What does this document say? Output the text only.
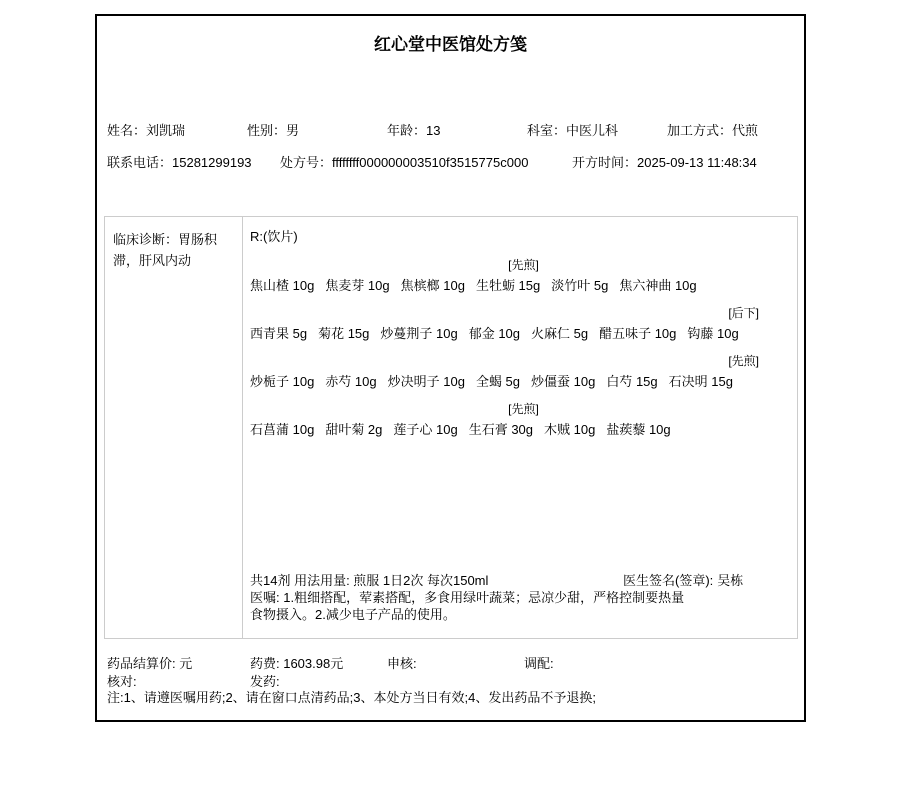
红心堂中医馆处方笺
姓名：刘凯瑞	性别：男	年龄：13	科室：中医儿科	加工方式：代煎
联系电话：15281299193 处方号：ffffffff000000003510f3515775c000	开方时间：2025-09-13 11:48:34
临床诊断：胃肠积滞，肝风内动
R:(饮片)
[先煎]
焦山楂 10g 焦麦芽 10g 焦槟榔 10g 生牡蛎 15g 淡竹叶 5g 焦六神曲 10g
[后下]
西青果 5g 菊花 15g 炒蔓荆子 10g 郁金 10g 火麻仁 5g 醋五味子 10g 钩藤 10g
[先煎]
炒栀子 10g 赤芍 10g 炒决明子 10g 全蝎 5g 炒僵蚕 10g 白芍 15g 石决明 15g
[先煎]
石菖蒲 10g 甜叶菊 2g 莲子心 10g 生石膏 30g 木贼 10g 盐蒺藜 10g
共14剂 用法用量: 煎服 1日2次 每次150ml	医生签名(签章): 吴栋
医嘱: 1.粗细搭配，荤素搭配，多食用绿叶蔬菜；忌凉少甜，严格控制要热量食物摄入。2.减少电子产品的使用。
药品结算价: 元	药费: 1603.98元	申核:	调配:
核对:	发药:
注:1、请遵医嘱用药;2、请在窗口点清药品;3、本处方当日有效;4、发出药品不予退换;
